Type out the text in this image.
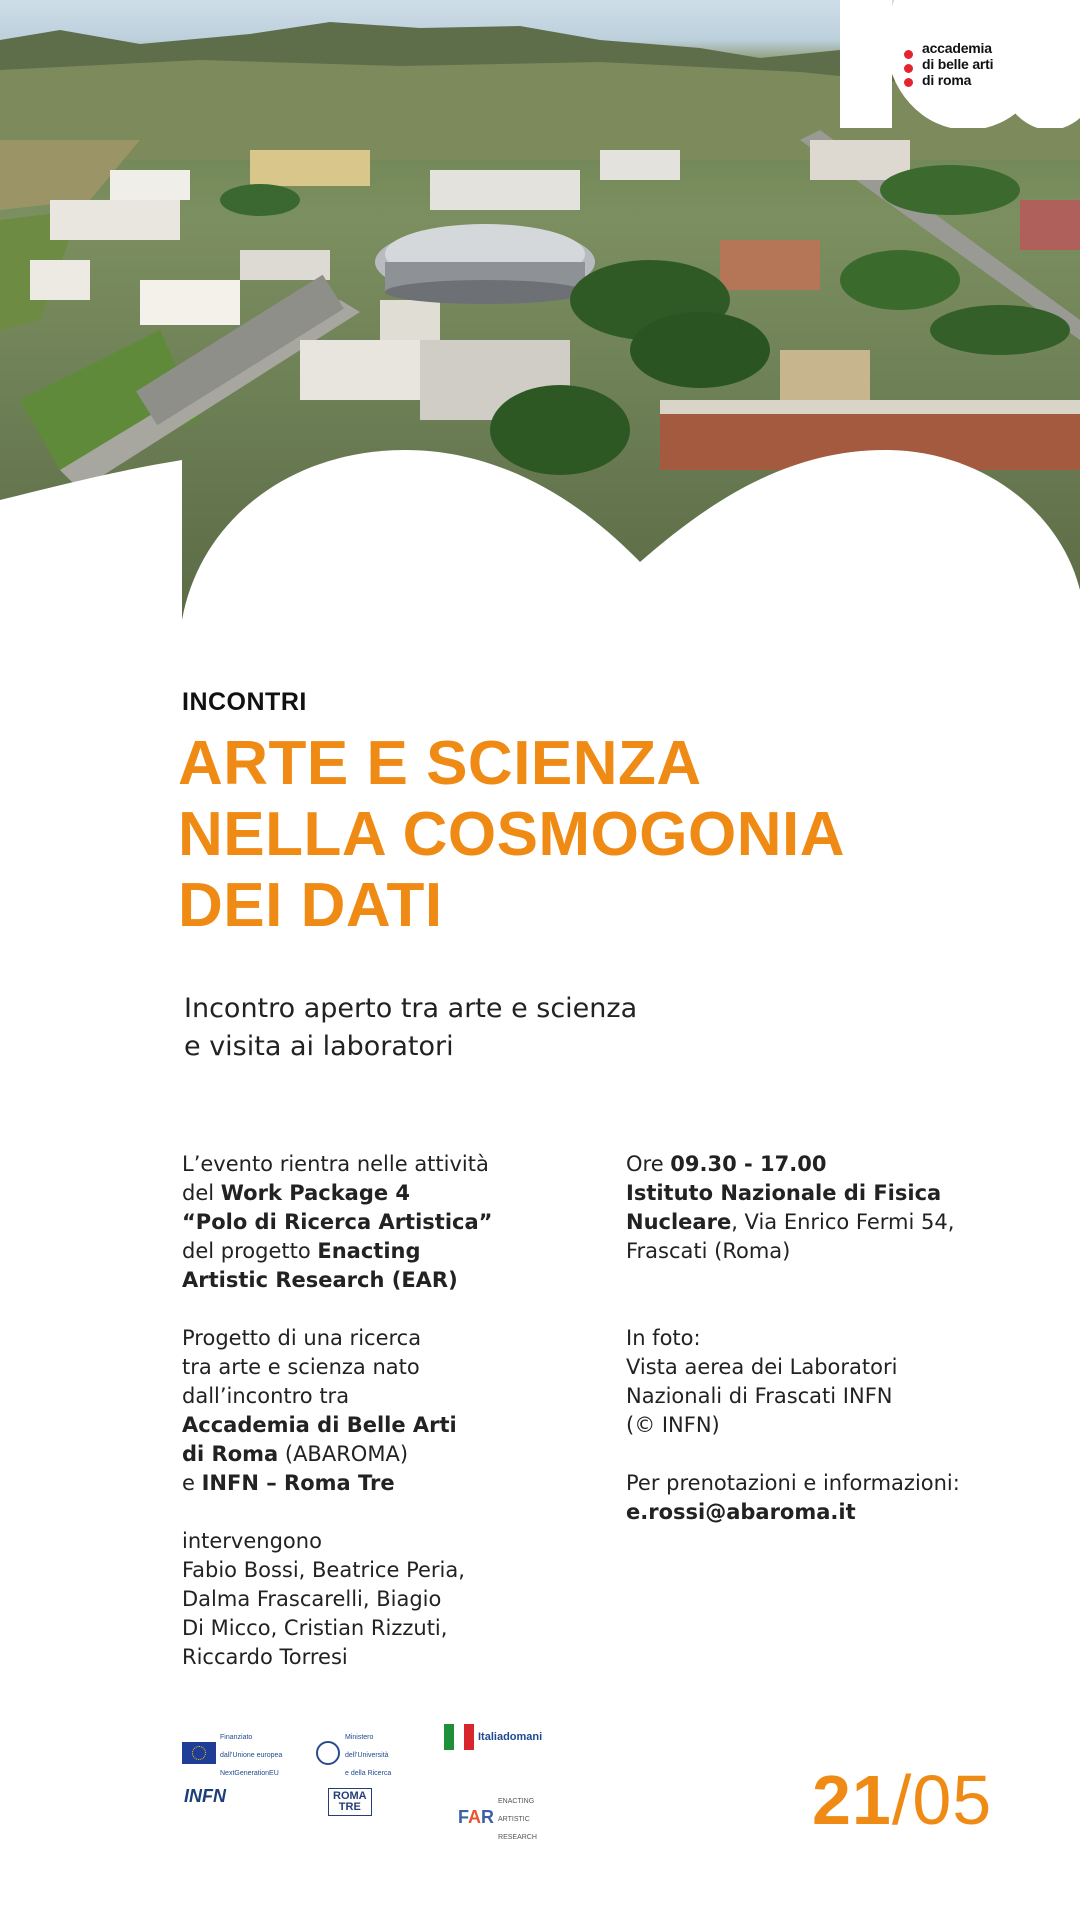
accademia
di belle arti
di roma
INCONTRI
ARTE E SCIENZA
NELLA COSMOGONIA
DEI DATI
Incontro aperto tra arte e scienza
e visita ai laboratori

L’evento rientra nelle attività
del Work Package 4
“Polo di Ricerca Artistica”
del progetto Enacting
Artistic Research (EAR)

Progetto di una ricerca
tra arte e scienza nato
dall’incontro tra
Accademia di Belle Arti
di Roma (ABAROMA)
e INFN – Roma Tre

intervengono
Fabio Bossi, Beatrice Peria,
Dalma Frascarelli, Biagio
Di Micco, Cristian Rizzuti,
Riccardo Torresi

Ore 09.30 - 17.00
Istituto Nazionale di Fisica
Nucleare, Via Enrico Fermi 54,
Frascati (Roma)

In foto:
Vista aerea dei Laboratori
Nazionali di Frascati INFN
(© INFN)

Per prenotazioni e informazioni:
e.rossi@abaroma.it

Finanziato
dall’Unione europea
NextGenerationEU
Ministero
dell’Università
e della Ricerca
Italiadomani
INFN	ROMA
TRE	FAR
ENACTING
ARTISTIC
RESEARCH	21/05
